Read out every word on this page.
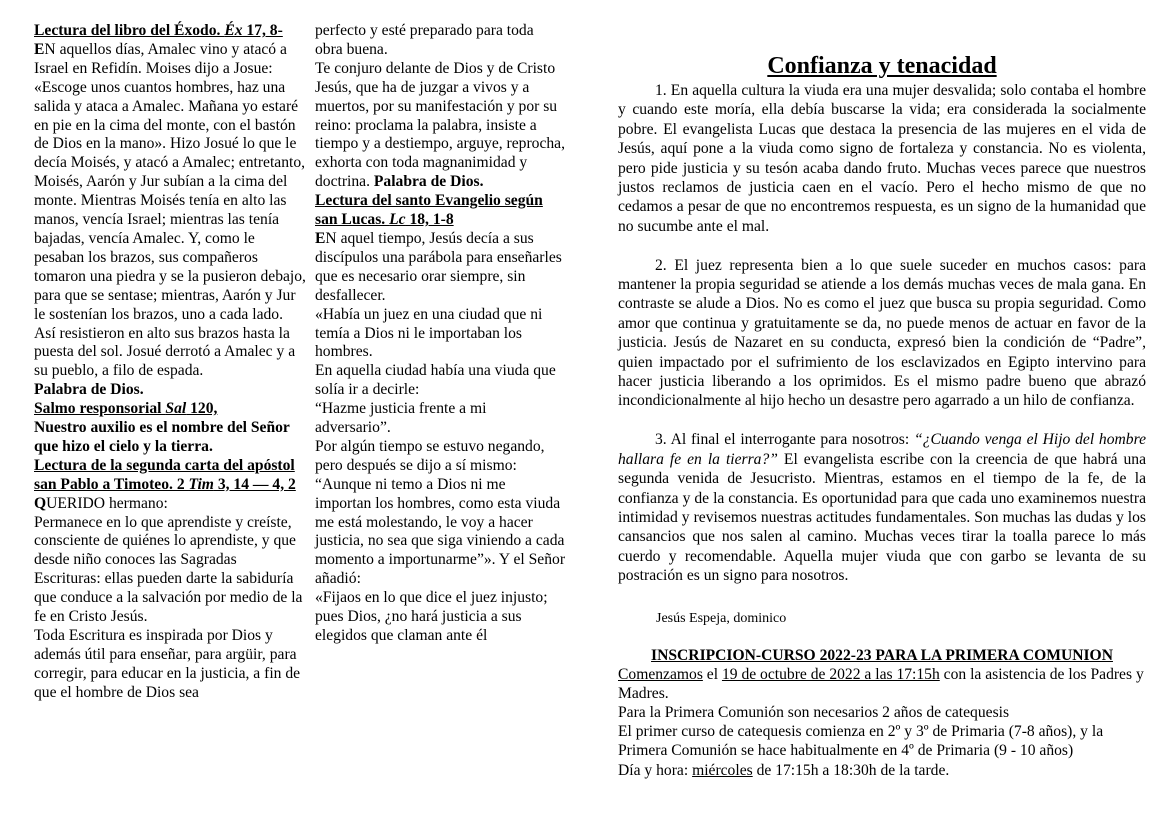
Lectura del libro del Éxodo. Éx 17, 8-
EN aquellos días, Amalec vino y atacó a Israel en Refidín. Moises dijo a Josue: «Escoge unos cuantos hombres, haz una salida y ataca a Amalec. Mañana yo estaré en pie en la cima del monte, con el bastón de Dios en la mano». Hizo Josué lo que le decía Moisés, y atacó a Amalec; entretanto, Moisés, Aarón y Jur subían a la cima del monte. Mientras Moisés tenía en alto las manos, vencía Israel; mientras las tenía bajadas, vencía Amalec. Y, como le pesaban los brazos, sus compañeros tomaron una piedra y se la pusieron debajo, para que se sentase; mientras, Aarón y Jur le sostenían los brazos, uno a cada lado.
Así resistieron en alto sus brazos hasta la puesta del sol. Josué derrotó a Amalec y a su pueblo, a filo de espada.
Palabra de Dios.
Salmo responsorial Sal 120,
Nuestro auxilio es el nombre del Señor que hizo el cielo y la tierra.
Lectura de la segunda carta del apóstol san Pablo a Timoteo. 2 Tim 3, 14 — 4, 2
QUERIDO hermano:
Permanece en lo que aprendiste y creíste, consciente de quiénes lo aprendiste, y que desde niño conoces las Sagradas Escrituras: ellas pueden darte la sabiduría que conduce a la salvación por medio de la fe en Cristo Jesús.
Toda Escritura es inspirada por Dios y además útil para enseñar, para argüir, para corregir, para educar en la justicia, a fin de que el hombre de Dios sea
perfecto y esté preparado para toda obra buena.
Te conjuro delante de Dios y de Cristo Jesús, que ha de juzgar a vivos y a muertos, por su manifestación y por su reino: proclama la palabra, insiste a tiempo y a destiempo, arguye, reprocha, exhorta con toda magnanimidad y doctrina. Palabra de Dios.
Lectura del santo Evangelio según san Lucas. Lc 18, 1-8
EN aquel tiempo, Jesús decía a sus discípulos una parábola para enseñarles que es necesario orar siempre, sin desfallecer.
«Había un juez en una ciudad que ni temía a Dios ni le importaban los hombres.
En aquella ciudad había una viuda que solía ir a decirle:
“Hazme justicia frente a mi adversario”.
Por algún tiempo se estuvo negando, pero después se dijo a sí mismo:
“Aunque ni temo a Dios ni me importan los hombres, como esta viuda me está molestando, le voy a hacer justicia, no sea que siga viniendo a cada momento a importunarme”». Y el Señor añadió:
«Fijaos en lo que dice el juez injusto; pues Dios, ¿no hará justicia a sus elegidos que claman ante él
Confianza y tenacidad

1. En aquella cultura la viuda era una mujer desvalida; solo contaba el hombre y cuando este moría, ella debía buscarse la vida; era considerada la socialmente pobre. El evangelista Lucas que destaca la presencia de las mujeres en el vida de Jesús, aquí pone a la viuda como signo de fortaleza y constancia. No es violenta, pero pide justicia y su tesón acaba dando fruto. Muchas veces parece que nuestros justos reclamos de justicia caen en el vacío. Pero el hecho mismo de que no cedamos a pesar de que no encontremos respuesta, es un signo de la humanidad que no sucumbe ante el mal.

2. El juez representa bien a lo que suele suceder en muchos casos: para mantener la propia seguridad se atiende a los demás muchas veces de mala gana. En contraste se alude a Dios. No es como el juez que busca su propia seguridad. Como amor que continua y gratuitamente se da, no puede menos de actuar en favor de la justicia. Jesús de Nazaret en su conducta, expresó bien la condición de “Padre”, quien impactado por el sufrimiento de los esclavizados en Egipto intervino para hacer justicia liberando a los oprimidos. Es el mismo padre bueno que abrazó incondicionalmente al hijo hecho un desastre pero agarrado a un hilo de confianza.

3. Al final el interrogante para nosotros: “¿Cuando venga el Hijo del hombre hallara fe en la tierra?” El evangelista escribe con la creencia de que habrá una segunda venida de Jesucristo. Mientras, estamos en el tiempo de la fe, de la confianza y de la constancia. Es oportunidad para que cada uno examinemos nuestra intimidad y revisemos nuestras actitudes fundamentales. Son muchas las dudas y los cansancios que nos salen al camino. Muchas veces tirar la toalla parece lo más cuerdo y recomendable. Aquella mujer viuda que con garbo se levanta de su postración es un signo para nosotros.

Jesús Espeja, dominico

INSCRIPCION-CURSO 2022-23 PARA LA PRIMERA COMUNION

Comenzamos el 19 de octubre de 2022 a las 17:15h con la asistencia de los Padres y Madres.

Para la Primera Comunión son necesarios 2 años de catequesis

El primer curso de catequesis comienza en 2º y 3º de Primaria (7-8 años), y la Primera Comunión se hace habitualmente en 4º de Primaria (9 - 10 años)

Día y hora: miércoles de 17:15h a 18:30h de la tarde.
